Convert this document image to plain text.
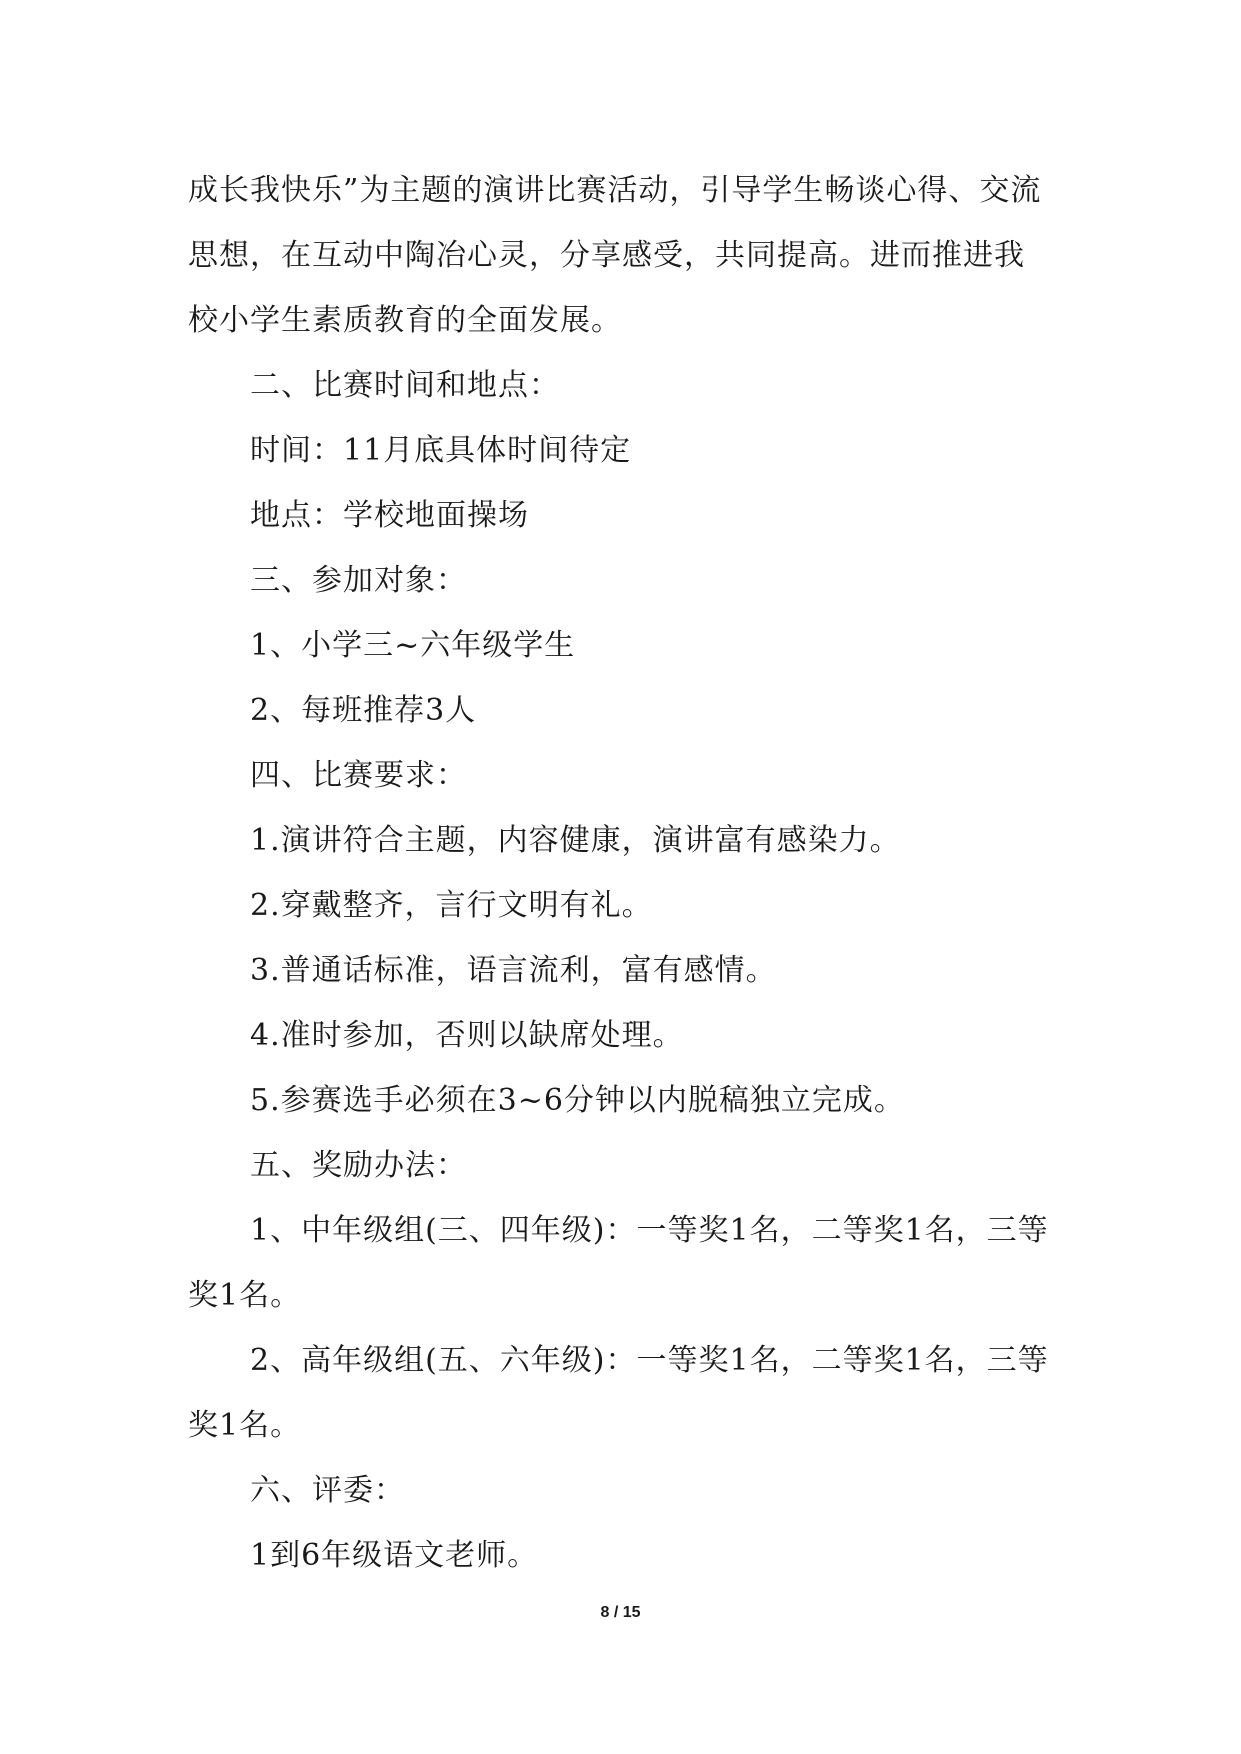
成长我快乐”为主题的演讲比赛活动，引导学生畅谈心得、交流思想，在互动中陶冶心灵，分享感受，共同提高。进而推进我校小学生素质教育的全面发展。

二、比赛时间和地点：

时间：11月底具体时间待定

地点：学校地面操场

三、参加对象：

1、小学三~六年级学生

2、每班推荐3人

四、比赛要求：

1.演讲符合主题，内容健康，演讲富有感染力。

2.穿戴整齐，言行文明有礼。

3.普通话标准，语言流利，富有感情。

4.准时参加，否则以缺席处理。

5.参赛选手必须在3~6分钟以内脱稿独立完成。

五、奖励办法：

1、中年级组(三、四年级)：一等奖1名，二等奖1名，三等奖1名。

2、高年级组(五、六年级)：一等奖1名，二等奖1名，三等奖1名。

六、评委：

1到6年级语文老师。

8 / 15
